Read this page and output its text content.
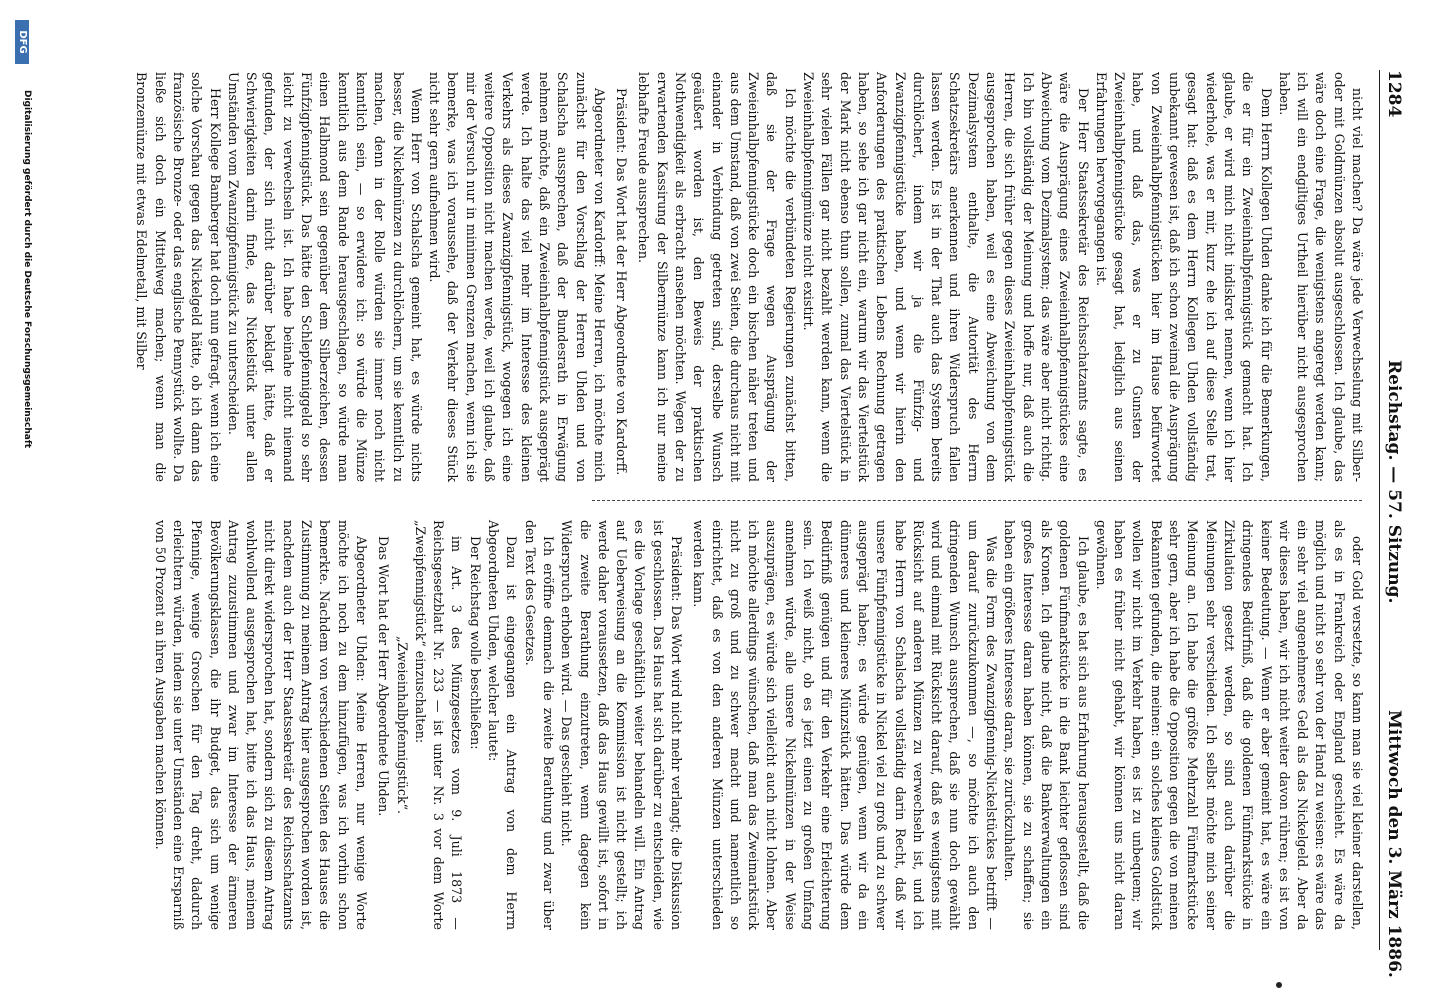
1284
Reichstag. — 57. Sitzung.
Mittwoch den 3. März 1886.

nicht viel machen? Da wäre jede Verwechselung mit Silber- oder mit Goldmünzen absolut ausgeschlossen. Ich glaube, das wäre doch eine Frage, die wenigstens angeregt werden kann; ich will ein endgiltiges Urtheil hierüber nicht ausgesprochen haben.

Dem Herrn Kollegen Uhden danke ich für die Bemerkungen, die er für ein Zweieinhalbpfennigstück gemacht hat. Ich glaube, er wird mich nicht indiskret nennen, wenn ich hier wiederhole, was er mir, kurz ehe ich auf diese Stelle trat, gesagt hat: daß es dem Herrn Kollegen Uhden vollständig unbekannt gewesen ist, daß ich schon zweimal die Ausprägung von Zweieinhalbpfennigstücken hier im Hause befürwortet habe, und daß das, was er zu Gunsten der Zweieinhalbpfennigstücke gesagt hat, lediglich aus seinen Erfahrungen hervorgegangen ist.

Der Herr Staatssekretär des Reichsschatzamts sagte, es wäre die Ausprägung eines Zweieinhalbpfennigstückes eine Abweichung vom Dezimalsystem; das wäre aber nicht richtig. Ich bin vollständig der Meinung und hoffe nur, daß auch die Herren, die sich früher gegen dieses Zweieinhalbpfennigstück ausgesprochen haben, weil es eine Abweichung von dem Dezimalsystem enthalte, die Autorität des Herrn Schatzsekretärs anerkennen und ihren Widerspruch fallen lassen werden. Es ist in der That auch das System bereits durchlöchert, indem wir ja die Fünfzig- und Zwanzigpfennigstücke haben, und wenn wir hierin den Anforderungen des praktischen Lebens Rechnung getragen haben, so sehe ich gar nicht ein, warum wir das Viertelstück der Mark nicht ebenso thun sollen, zumal das Viertelstück in sehr vielen Fällen gar nicht bezahlt werden kann, wenn die Zweieinhalbpfennigmünze nicht existirt.

Ich möchte die verbündeten Regierungen zunächst bitten, daß sie der Frage wegen Ausprägung der Zweieinhalbpfennigstücke doch ein bischen näher treten und aus dem Umstand, daß von zwei Seiten, die durchaus nicht mit einander in Verbindung getreten sind, derselbe Wunsch geäußert worden ist, den Beweis der praktischen Nothwendigkeit als erbracht ansehen möchten. Wegen der zu erwartenden Kassirung der Silbermünze kann ich nur meine lebhafte Freude aussprechen.

Präsident: Das Wort hat der Herr Abgeordnete von Kardorff.

Abgeordneter von Kardorff: Meine Herren, ich möchte mich zunächst für den Vorschlag der Herren Uhden und von Schalscha aussprechen, daß der Bundesrath in Erwägung nehmen möchte, daß ein Zweieinhalbpfennigstück ausgeprägt werde. Ich halte das viel mehr im Interesse des kleinen Verkehrs als dieses Zwanzigpfennigstück, wogegen ich eine weitere Opposition nicht machen werde, weil ich glaube, daß mir der Versuch nur in minimen Grenzen machen, wenn ich sie bemerke, was ich voraussehe, daß der Verkehr dieses Stück nicht sehr gern aufnehmen wird.

Wenn Herr von Schalscha gemeint hat, es würde nichts besser, die Nickelmünzen zu durchlöchern, um sie kenntlich zu machen, denn in der Rolle würden sie immer noch nicht kenntlich sein, — so erwidere ich: so würde die Münze kenntlich aus dem Rande herausgeschlagen, so würde man einen Halbmond sein gegenüber dem Silberzeichen, dessen Fünfzigpfennigstück. Das hätte den Schlepfenniggeld so sehr leicht zu verwechseln ist. Ich habe beinahe nicht niemand gefunden, der sich nicht darüber beklagt hätte, daß er Schwierigkeiten darin finde, das Nickelstück unter allen Umständen vom Zwanzigpfennigstück zu unterscheiden.

Herr Kollege Bamberger hat doch nun gefragt, wenn ich eine solche Vorschau gegen das Nickelgeld hätte, ob ich dann das französische Bronze- oder das englische Pennystück wollte. Da ließe sich doch ein Mittelweg machen; wenn man die Bronzemünze mit etwas Edelmetall, mit Silber

oder Gold versetzte, so kann man sie viel kleiner darstellen, als es in Frankreich oder England geschieht. Es wäre da möglich und nicht so sehr von der Hand zu weisen: es wäre das ein sehr viel angenehmeres Geld als das Nickelgeld. Aber da wir dieses haben, wir ich nicht weiter davon rühren; es ist von keiner Bedeutung. — Wenn er aber gemeint hat, es wäre ein dringendes Bedürfniß, daß die goldenen Fünfmarkstücke in Zirkulation gesetzt werden, so sind auch darüber die Meinungen sehr verschieden. Ich selbst möchte mich seiner Meinung an. Ich habe die größte Mehrzahl Fünfmarkstücke sehr gern, aber ich habe die Opposition gegen die von meinen Bekannten gefunden, die meinen: ein solches kleines Goldstück wollen wir nicht im Verkehr haben, es ist zu unbequem; wir haben es früher nicht gehabt, wir können uns nicht daran gewöhnen.

Ich glaube, es hat sich aus Erfahrung herausgestellt, daß die goldenen Fünfmarkstücke in die Bank leichter geflossen sind als Kronen. Ich glaube nicht, daß die Bankverwaltungen ein großes Interesse daran haben können, sie zu schaffen; sie haben ein größeres Interesse daran, sie zurückzuhalten.

Was die Form des Zwanzigpfennig-Nickelstückes betrifft — um darauf zurückzukommen —, so möchte ich auch den dringenden Wunsch aussprechen, daß sie nun doch gewählt wird und einmal mit Rücksicht darauf, daß es wenigstens mit Rücksicht auf anderen Münzen zu verwechseln ist, und ich habe Herrn von Schalscha vollständig darin Recht, daß wir unsere Fünfpfennigstücke in Nickel viel zu groß und zu schwer ausgeprägt haben; es würde genügen, wenn wir da ein dünneres und kleineres Münzstück hätten. Das würde dem Bedürfniß genügen und für den Verkehr eine Erleichterung sein. Ich weiß nicht, ob es jetzt einen zu großen Umfang annehmen würde, alle unsere Nickelmünzen in der Weise auszuprägen, es würde sich vielleicht auch nicht lohnen. Aber ich möchte allerdings wünschen, daß man das Zweimarkstück nicht zu groß und zu schwer macht und namentlich so einrichtet, daß es von den anderen Münzen unterschieden werden kann.

Präsident: Das Wort wird nicht mehr verlangt; die Diskussion ist geschlossen. Das Haus hat sich darüber zu entscheiden, wie es die Vorlage geschäftlich weiter behandeln will. Ein Antrag auf Ueberweisung an die Kommission ist nicht gestellt; ich werde daher voraussetzen, daß das Haus gewillt ist, sofort in die zweite Berathung einzutreten, wenn dagegen kein Widerspruch erhoben wird. — Das geschieht nicht.

Ich eröffne demnach die zweite Berathung und zwar über den Text des Gesetzes.

Dazu ist eingegangen ein Antrag von dem Herrn Abgeordneten Uhden, welcher lautet:

Der Reichstag wolle beschließen:

im Art. 3 des Münzgesetzes vom 9. Juli 1873 — Reichsgesetzblatt Nr. 233 — ist unter Nr. 3 vor dem Worte „Zweipfennigstück“ einzuschalten:

„Zweieinhalbpfennigstück“.

Das Wort hat der Herr Abgeordnete Uhden.

Abgeordneter Uhden: Meine Herren, nur wenige Worte möchte ich noch zu dem hinzufügen, was ich vorhin schon bemerkte. Nachdem von verschiedenen Seiten des Hauses die Zustimmung zu meinem Antrag hier ausgesprochen worden ist, nachdem auch der Herr Staatssekretär des Reichsschatzamts nicht direkt widersprochen hat, sondern sich zu diesem Antrag wohlwollend ausgesprochen hat, bitte ich das Haus, meinem Antrag zuzustimmen und zwar im Interesse der ärmeren Bevölkerungsklassen, die ihr Budget, das sich um wenige Pfennige, wenige Groschen für den Tag dreht, dadurch erleichtern würden, indem sie unter Umständen eine Ersparniß von 50 Prozent an ihren Ausgaben machen können.

Digitalisierung gefördert durch die Deutsche Forschungsgemeinschaft
DFG
